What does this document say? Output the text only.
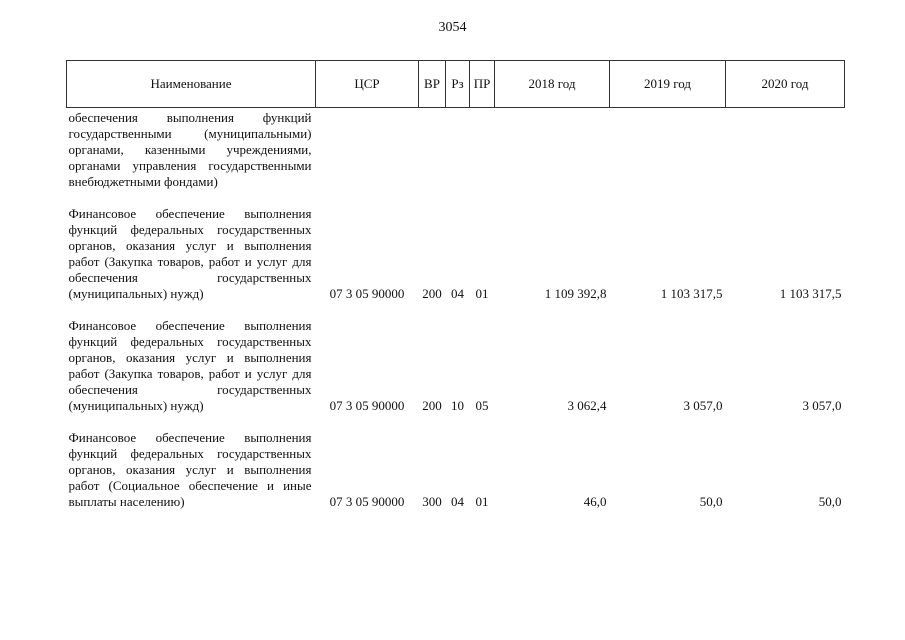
3054
Наименование	ЦСР	ВР	Рз	ПР	2018 год	2019 год	2020 год
обеспечения выполнения функций государственными (муниципальными) органами, казенными учреждениями, органами управления государственными внебюджетными фондами)							

Финансовое обеспечение выполнения функций федеральных государственных органов, оказания услуг и выполнения работ (Закупка товаров, работ и услуг для обеспечения государственных (муниципальных) нужд)	07 3 05 90000	200	04	01	1 109 392,8	1 103 317,5	1 103 317,5

Финансовое обеспечение выполнения функций федеральных государственных органов, оказания услуг и выполнения работ (Закупка товаров, работ и услуг для обеспечения государственных (муниципальных) нужд)	07 3 05 90000	200	10	05	3 062,4	3 057,0	3 057,0

Финансовое обеспечение выполнения функций федеральных государственных органов, оказания услуг и выполнения работ (Социальное обеспечение и иные выплаты населению)	07 3 05 90000	300	04	01	46,0	50,0	50,0
